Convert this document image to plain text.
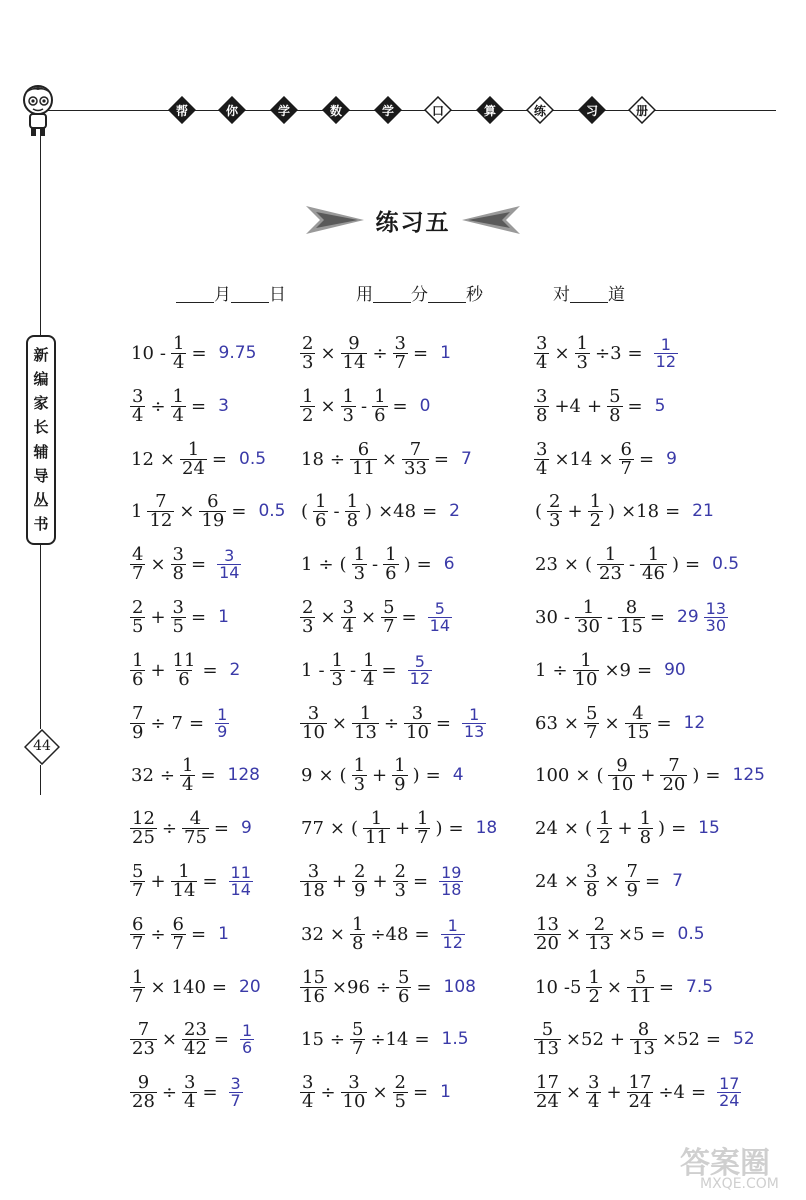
新
编
家
长
辅
导
丛
书
44
帮	你	学	数	学	口	算	练	习	册
练习五
月 日	用 分 秒	对 道
$10 - \frac{1}{4} = 9.75$
$\frac{3}{4} \div \frac{1}{4} = 3$
$12 \times \frac{1}{24} = 0.5$
$1 \frac{7}{12} \times \frac{6}{19} = 0.5$
$\frac{4}{7} \times \frac{3}{8} = \frac{3}{14}$
$\frac{2}{5} + \frac{3}{5} = 1$
$\frac{1}{6} + \frac{11}{6} = 2$
$\frac{7}{9} \div 7 = \frac{1}{9}$
$32 \div \frac{1}{4} = 128$
$\frac{12}{25} \div \frac{4}{75} = 9$
$\frac{5}{7} + \frac{1}{14} = \frac{11}{14}$
$\frac{6}{7} \div \frac{6}{7} = 1$
$\frac{1}{7} \times 140 = 20$
$\frac{7}{23} \times \frac{23}{42} = \frac{1}{6}$
$\frac{9}{28} \div \frac{3}{4} = \frac{3}{7}$
$\frac{2}{3} \times \frac{9}{14} \div \frac{3}{7} = 1$
$\frac{1}{2} \times \frac{1}{3} - \frac{1}{6} = 0$
$18 \div \frac{6}{11} \times \frac{7}{33} = 7$
( $\frac{1}{6} - \frac{1}{8}$ ) ×48 = 2
1 ÷ ( $\frac{1}{3} - \frac{1}{6}$ ) = 6
$\frac{2}{3} \times \frac{3}{4} \times \frac{5}{7} = \frac{5}{14}$
$1 - \frac{1}{3} - \frac{1}{4} = \frac{5}{12}$
$\frac{3}{10} \times \frac{1}{13} \div \frac{3}{10} = \frac{1}{13}$
9 × ( $\frac{1}{3} + \frac{1}{9}$ ) = 4
77 × ( $\frac{1}{11} + \frac{1}{7}$ ) = 18
$\frac{3}{18} + \frac{2}{9} + \frac{2}{3} = \frac{19}{18}$
$32 \times \frac{1}{8} \div 48 = \frac{1}{12}$
$\frac{15}{16} \times 96 \div \frac{5}{6} = 108$
$15 \div \frac{5}{7} \div 14 = 1.5$
$\frac{3}{4} \div \frac{3}{10} \times \frac{2}{5} = 1$
$\frac{3}{4} \times \frac{1}{3} \div 3 = \frac{1}{12}$
$\frac{3}{8} +4 + \frac{5}{8} = 5$
$\frac{3}{4} \times 14 \times \frac{6}{7} = 9$
( $\frac{2}{3} + \frac{1}{2}$ ) ×18 = 21
23 × ( $\frac{1}{23} - \frac{1}{46}$ ) = 0.5
$30 - \frac{1}{30} - \frac{8}{15} = 29 \frac{13}{30}$
$1 \div \frac{1}{10} \times 9 = 90$
$63 \times \frac{5}{7} \times \frac{4}{15} = 12$
100 × ( $\frac{9}{10} + \frac{7}{20}$ ) = 125
24 × ( $\frac{1}{2} + \frac{1}{8}$ ) = 15
$24 \times \frac{3}{8} \times \frac{7}{9} = 7$
$\frac{13}{20} \times \frac{2}{13} \times 5 = 0.5$
10 $-5 \frac{1}{2} \times \frac{5}{11} = 7.5$
$\frac{5}{13} \times 52 + \frac{8}{13} \times 52 = 52$
$\frac{17}{24} \times \frac{3}{4} + \frac{17}{24} \div 4 = \frac{17}{24}$
答案圈
MXQE.COM
